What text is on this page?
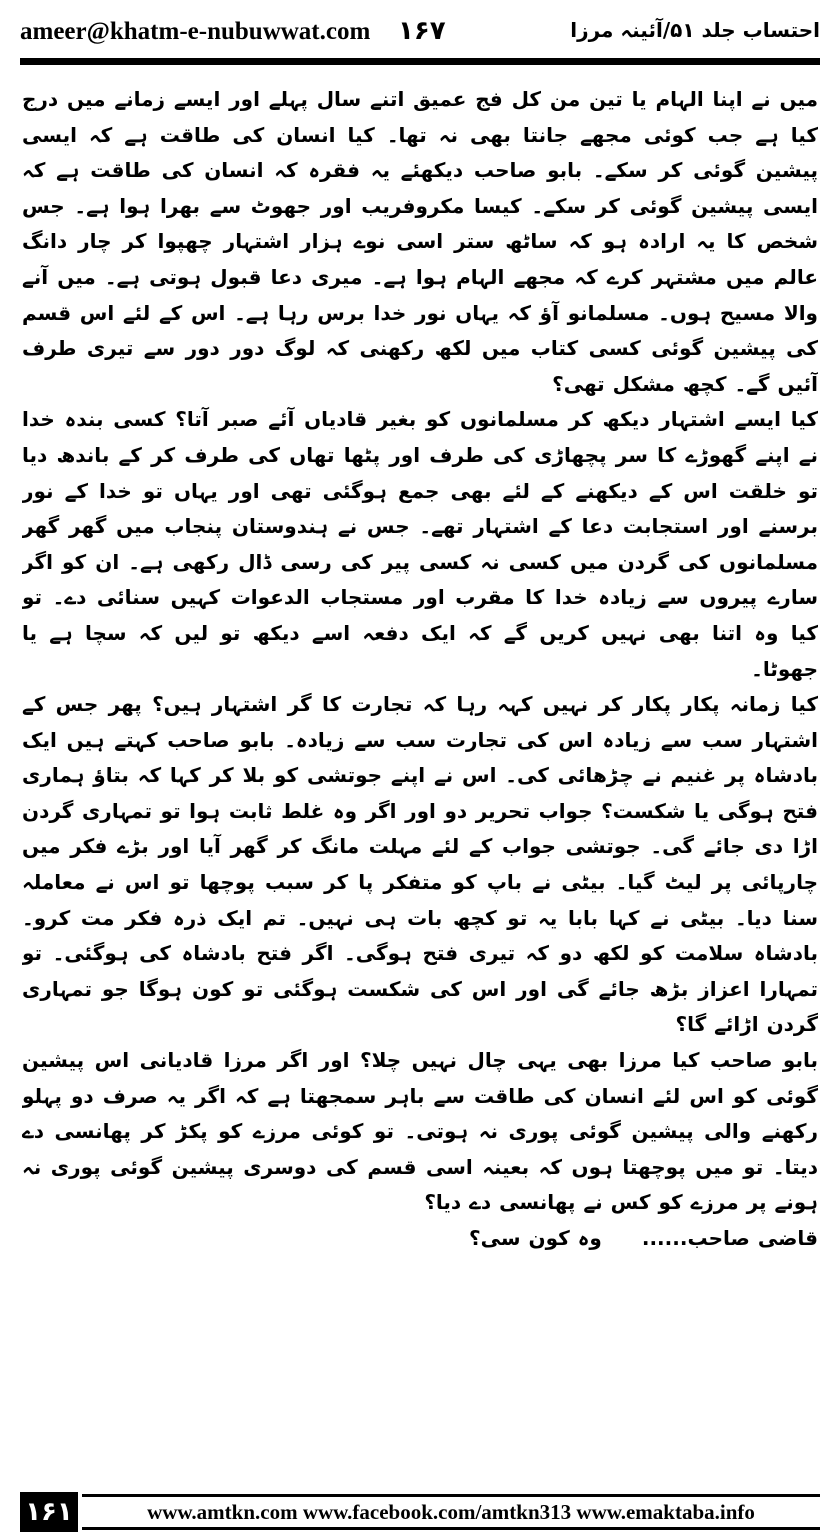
ameer@khatm-e-nubuwwat.com ۱۶۷	احتساب جلد ۵۱/آئینہ مرزا

میں نے اپنا الہام یا تین من کل فج عمیق اتنے سال پہلے اور ایسے زمانے میں درج کیا ہے جب کوئی مجھے جانتا بھی نہ تھا۔ کیا انسان کی طاقت ہے کہ ایسی پیشین گوئی کر سکے۔ بابو صاحب دیکھئے یہ فقرہ کہ انسان کی طاقت ہے کہ ایسی پیشین گوئی کر سکے۔ کیسا مکروفریب اور جھوٹ سے بھرا ہوا ہے۔ جس شخص کا یہ ارادہ ہو کہ ساٹھ ستر اسی نوے ہزار اشتہار چھپوا کر چار دانگ عالم میں مشتہر کرے کہ مجھے الہام ہوا ہے۔ میری دعا قبول ہوتی ہے۔ میں آنے والا مسیح ہوں۔ مسلمانو آؤ کہ یہاں نور خدا برس رہا ہے۔ اس کے لئے اس قسم کی پیشین گوئی کسی کتاب میں لکھ رکھنی کہ لوگ دور دور سے تیری طرف آئیں گے۔ کچھ مشکل تھی؟

کیا ایسے اشتہار دیکھ کر مسلمانوں کو بغیر قادیاں آئے صبر آتا؟ کسی بندہ خدا نے اپنے گھوڑے کا سر پچھاڑی کی طرف اور پٹھا تھاں کی طرف کر کے باندھ دیا تو خلقت اس کے دیکھنے کے لئے بھی جمع ہوگئی تھی اور یہاں تو خدا کے نور برسنے اور استجابت دعا کے اشتہار تھے۔ جس نے ہندوستان پنجاب میں گھر گھر مسلمانوں کی گردن میں کسی نہ کسی پیر کی رسی ڈال رکھی ہے۔ ان کو اگر سارے پیروں سے زیادہ خدا کا مقرب اور مستجاب الدعوات کہیں سنائی دے۔ تو کیا وہ اتنا بھی نہیں کریں گے کہ ایک دفعہ اسے دیکھ تو لیں کہ سچا ہے یا جھوٹا۔

کیا زمانہ پکار پکار کر نہیں کہہ رہا کہ تجارت کا گر اشتہار ہیں؟ پھر جس کے اشتہار سب سے زیادہ اس کی تجارت سب سے زیادہ۔ بابو صاحب کہتے ہیں ایک بادشاہ پر غنیم نے چڑھائی کی۔ اس نے اپنے جوتشی کو بلا کر کہا کہ بتاؤ ہماری فتح ہوگی یا شکست؟ جواب تحریر دو اور اگر وہ غلط ثابت ہوا تو تمہاری گردن اڑا دی جائے گی۔ جوتشی جواب کے لئے مہلت مانگ کر گھر آیا اور بڑے فکر میں چارپائی پر لیٹ گیا۔ بیٹی نے باپ کو متفکر پا کر سبب پوچھا تو اس نے معاملہ سنا دیا۔ بیٹی نے کہا بابا یہ تو کچھ بات ہی نہیں۔ تم ایک ذرہ فکر مت کرو۔ بادشاہ سلامت کو لکھ دو کہ تیری فتح ہوگی۔ اگر فتح بادشاہ کی ہوگئی۔ تو تمہارا اعزاز بڑھ جائے گی اور اس کی شکست ہوگئی تو کون ہوگا جو تمہاری گردن اڑائے گا؟

بابو صاحب کیا مرزا بھی یہی چال نہیں چلا؟ اور اگر مرزا قادیانی اس پیشین گوئی کو اس لئے انسان کی طاقت سے باہر سمجھتا ہے کہ اگر یہ صرف دو پہلو رکھنے والی پیشین گوئی پوری نہ ہوتی۔ تو کوئی مرزے کو پکڑ کر پھانسی دے دیتا۔ تو میں پوچھتا ہوں کہ بعینہ اسی قسم کی دوسری پیشین گوئی پوری نہ ہونے پر مرزے کو کس نے پھانسی دے دیا؟

قاضی صاحب......وہ کون سی؟

۱۶۱	www.amtkn.com www.facebook.com/amtkn313 www.emaktaba.info
